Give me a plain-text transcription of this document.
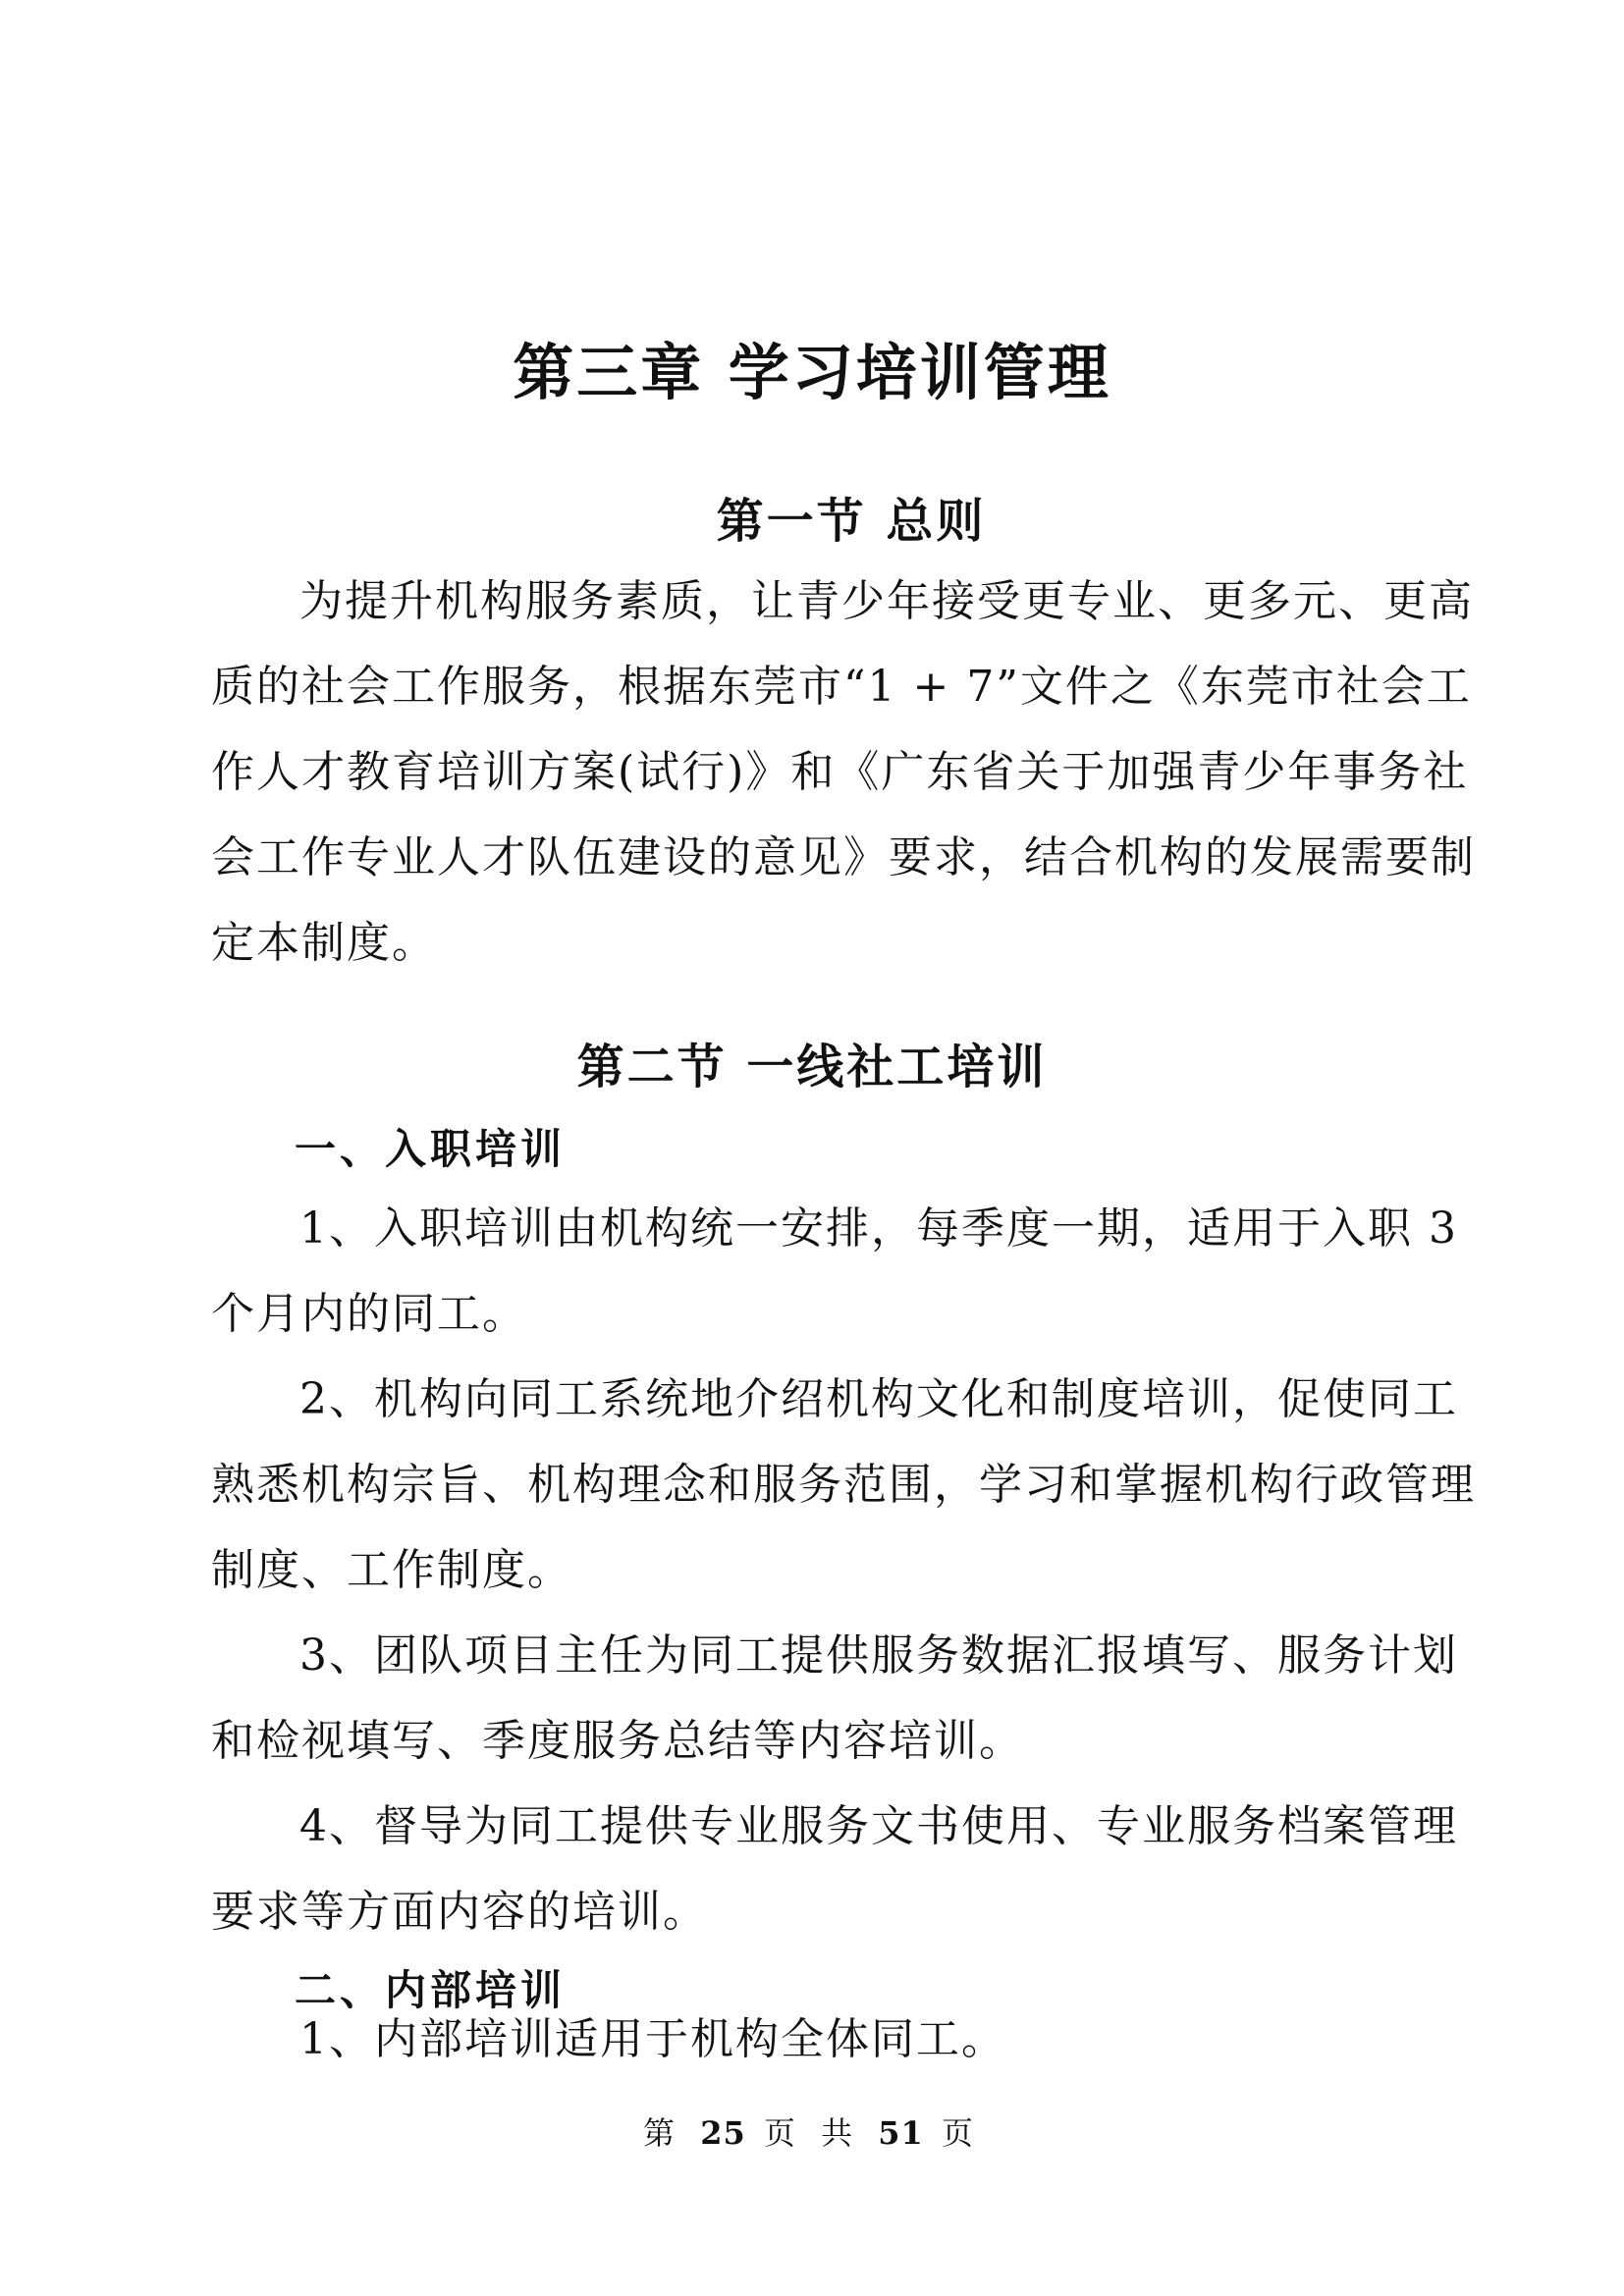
第三章 学习培训管理
第一节 总则
为提升机构服务素质，让青少年接受更专业、更多元、更高
质的社会工作服务，根据东莞市“1 + 7”文件之《东莞市社会工
作人才教育培训方案(试行)》和《广东省关于加强青少年事务社
会工作专业人才队伍建设的意见》要求，结合机构的发展需要制
定本制度。
第二节 一线社工培训
一、入职培训
1、入职培训由机构统一安排，每季度一期，适用于入职 3
个月内的同工。
2、机构向同工系统地介绍机构文化和制度培训，促使同工
熟悉机构宗旨、机构理念和服务范围，学习和掌握机构行政管理
制度、工作制度。
3、团队项目主任为同工提供服务数据汇报填写、服务计划
和检视填写、季度服务总结等内容培训。
4、督导为同工提供专业服务文书使用、专业服务档案管理
要求等方面内容的培训。
二、内部培训
1、内部培训适用于机构全体同工。
第 25 页 共 51 页
